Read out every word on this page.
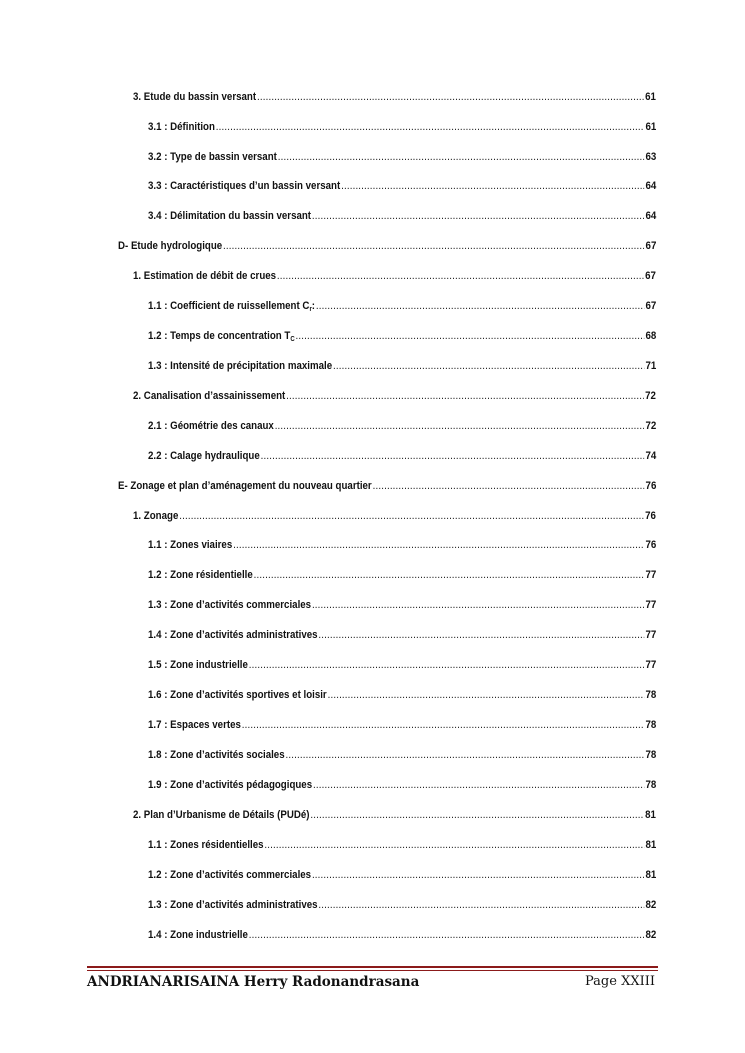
3. Etude du bassin versant .....	61
3.1 : Définition .....	61
3.2 : Type de bassin versant .....	63
3.3 : Caractéristiques d’un bassin versant .....	64
3.4 : Délimitation du bassin versant .....	64
D- Etude hydrologique .....	67
1. Estimation de débit de crues .....	67
1.1 : Coefficient de ruissellement $C_r$: .....	67
1.2 : Temps de concentration $T_C$ .....	68
1.3 : Intensité de précipitation maximale .....	71
2. Canalisation d’assainissement .....	72
2.1 : Géométrie des canaux .....	72
2.2 : Calage hydraulique .....	74
E- Zonage et plan d’aménagement du nouveau quartier .....	76
1. Zonage .....	76
1.1 : Zones viaires .....	76
1.2 : Zone résidentielle .....	77
1.3 : Zone d’activités commerciales .....	77
1.4 : Zone d’activités administratives .....	77
1.5 : Zone industrielle .....	77
1.6 : Zone d’activités sportives et loisir .....	78
1.7 : Espaces vertes .....	78
1.8 : Zone d’activités sociales .....	78
1.9 : Zone d’activités pédagogiques .....	78
2. Plan d’Urbanisme de Détails (PUDé) .....	81
1.1 : Zones résidentielles .....	81
1.2 : Zone d’activités commerciales .....	81
1.3 : Zone d’activités administratives .....	82
1.4 : Zone industrielle .....	82
ANDRIANARISAINA Herry Radonandrasana	Page XXIII
